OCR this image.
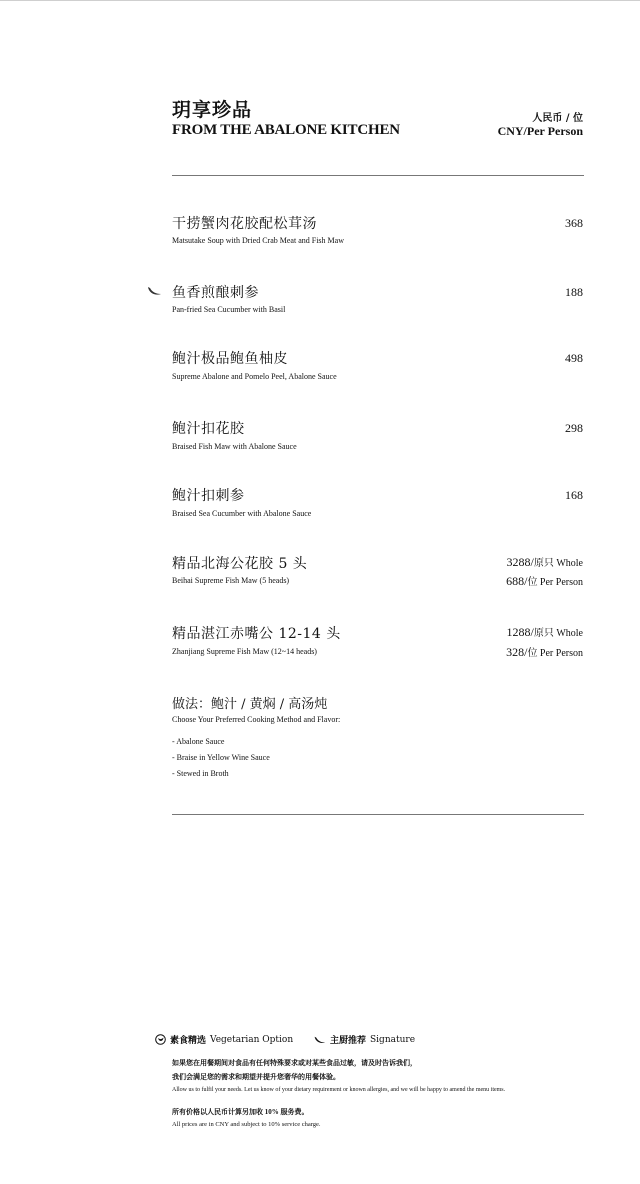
玥享珍品
FROM THE ABALONE KITCHEN
人民币 / 位
CNY/Per Person
干捞蟹肉花胶配松茸汤
Matsutake Soup with Dried Crab Meat and Fish Maw
368
鱼香煎酿刺参
Pan-fried Sea Cucumber with Basil
188
鲍汁极品鲍鱼柚皮
Supreme Abalone and Pomelo Peel, Abalone Sauce
498
鲍汁扣花胶
Braised Fish Maw with Abalone Sauce
298
鲍汁扣刺参
Braised Sea Cucumber with Abalone Sauce
168
精品北海公花胶 5 头
Beihai Supreme Fish Maw (5 heads)
3288/原只 Whole
688/位 Per Person
精品湛江赤嘴公 12-14 头
Zhanjiang Supreme Fish Maw (12~14 heads)
1288/原只 Whole
328/位 Per Person
做法：鲍汁 / 黄焖 / 高汤炖
Choose Your Preferred Cooking Method and Flavor:
- Abalone Sauce
- Braise in Yellow Wine Sauce
- Stewed in Broth
素食精选 Vegetarian Option	主厨推荐 Signature
如果您在用餐期间对食品有任何特殊要求或对某些食品过敏，请及时告诉我们，
我们会满足您的需求和期望并提升您奢华的用餐体验。
Allow us to fulfil your needs. Let us know of your dietary requirement or known allergies, and we will be happy to amend the menu items.
所有价格以人民币计算另加收 10% 服务费。
All prices are in CNY and subject to 10% service charge.
